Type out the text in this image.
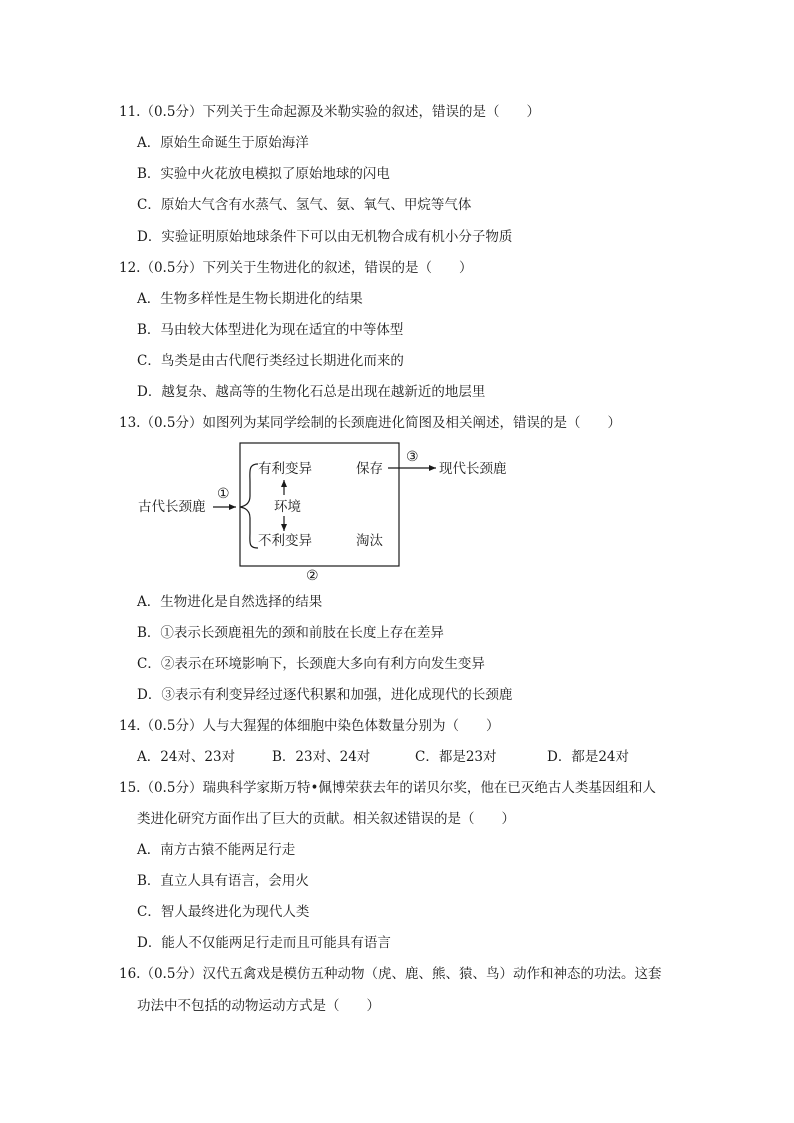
11.（0.5分）下列关于生命起源及米勒实验的叙述，错误的是（　　）
A．原始生命诞生于原始海洋
B．实验中火花放电模拟了原始地球的闪电
C．原始大气含有水蒸气、氢气、氨、氧气、甲烷等气体
D．实验证明原始地球条件下可以由无机物合成有机小分子物质
12.（0.5分）下列关于生物进化的叙述，错误的是（　　）
A．生物多样性是生物长期进化的结果
B．马由较大体型进化为现在适宜的中等体型
C．鸟类是由古代爬行类经过长期进化而来的
D．越复杂、越高等的生物化石总是出现在越新近的地层里
13.（0.5分）如图列为某同学绘制的长颈鹿进化简图及相关阐述，错误的是（　　）
古代长颈鹿
①
有利变异
环境
不利变异
保存
淘汰
③
现代长颈鹿
②
A．生物进化是自然选择的结果
B．①表示长颈鹿祖先的颈和前肢在长度上存在差异
C．②表示在环境影响下，长颈鹿大多向有利方向发生变异
D．③表示有利变异经过逐代积累和加强，进化成现代的长颈鹿
14.（0.5分）人与大猩猩的体细胞中染色体数量分别为（　　）
A．24对、23对	B．23对、24对	C．都是23对	D．都是24对
15.（0.5分）瑞典科学家斯万特•佩博荣获去年的诺贝尔奖，他在已灭绝古人类基因组和人
类进化研究方面作出了巨大的贡献。相关叙述错误的是（　　）
A．南方古猿不能两足行走
B．直立人具有语言，会用火
C．智人最终进化为现代人类
D．能人不仅能两足行走而且可能具有语言
16.（0.5分）汉代五禽戏是模仿五种动物（虎、鹿、熊、猿、鸟）动作和神态的功法。这套
功法中不包括的动物运动方式是（　　）
